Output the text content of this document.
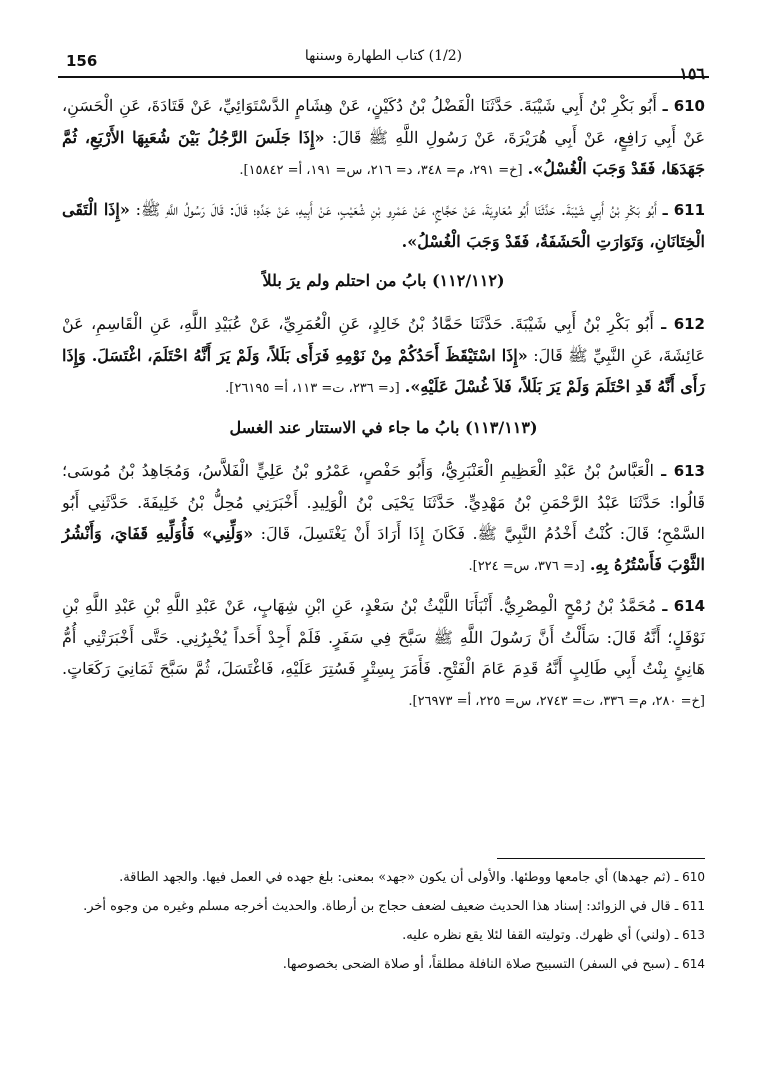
156	(1/2) كتاب الطهارة وسننها
١٥٦

610 ـ أَبُو بَكْرِ بْنُ أَبِي شَيْبَةَ. حَدَّثَنَا الْفَضْلُ بْنُ دُكَيْنٍ، عَنْ هِشَامٍ الدَّسْتَوَائِيِّ، عَنْ قَتَادَةَ، عَنِ الْحَسَنِ، عَنْ أَبِي رَافِعٍ، عَنْ أَبِي هُرَيْرَةَ، عَنْ رَسُولِ اللَّهِ ﷺ قَالَ: «إِذَا جَلَسَ الرَّجُلُ بَيْنَ شُعَبِهَا الأَرْبَعِ، ثُمَّ جَهَدَهَا، فَقَدْ وَجَبَ الْغُسْلُ». [خ= ٢٩١، م= ٣٤٨، د= ٢١٦، س= ١٩١، أ= ١٥٨٤٢].

611 ـ أَبُو بَكْرِ بْنُ أَبِي شَيْبَةَ. حَدَّثَنَا أَبُو مُعَاوِيَةَ، عَنْ حَجَّاجٍ، عَنْ عَمْرِو بْنِ شُعَيْبٍ، عَنْ أَبِيهِ، عَنْ جَدِّهِ؛ قَالَ: قَالَ رَسُولُ اللَّهِ ﷺ: «إِذَا الْتَقَى الْخِتَانَانِ، وَتَوَارَتِ الْحَشَفَةُ، فَقَدْ وَجَبَ الْغُسْلُ».

(١١٢/١١٢) بابُ من احتلم ولم يرَ بللاً

612 ـ أَبُو بَكْرِ بْنُ أَبِي شَيْبَةَ. حَدَّثَنَا حَمَّادُ بْنُ خَالِدٍ، عَنِ الْعُمَرِيِّ، عَنْ عُبَيْدِ اللَّهِ، عَنِ الْقَاسِمِ، عَنْ عَائِشَةَ، عَنِ النَّبِيِّ ﷺ قَالَ: «إِذَا اسْتَيْقَظَ أَحَدُكُمْ مِنْ نَوْمِهِ فَرَأَى بَلَلاً، وَلَمْ يَرَ أَنَّهُ احْتَلَمَ، اغْتَسَلَ. وَإِذَا رَأَى أَنَّهُ قَدِ احْتَلَمَ وَلَمْ يَرَ بَلَلاً، فَلاَ غُسْلَ عَلَيْهِ». [د= ٢٣٦، ت= ١١٣، أ= ٢٦١٩٥].

(١١٣/١١٣) بابُ ما جاء في الاستتار عند الغسل

613 ـ الْعَبَّاسُ بْنُ عَبْدِ الْعَظِيمِ الْعَنْبَرِيُّ، وَأَبُو حَفْصٍ، عَمْرُو بْنُ عَلِيٍّ الْفَلاَّسُ، وَمُجَاهِدُ بْنُ مُوسَى؛ قَالُوا: حَدَّثَنَا عَبْدُ الرَّحْمَنِ بْنُ مَهْدِيٍّ. حَدَّثَنَا يَحْيَى بْنُ الْوَلِيدِ. أَخْبَرَنِي مُحِلُّ بْنُ خَلِيفَةَ. حَدَّثَنِي أَبُو السَّمْحِ؛ قَالَ: كُنْتُ أَخْدُمُ النَّبِيَّ ﷺ. فَكَانَ إِذَا أَرَادَ أَنْ يَغْتَسِلَ، قَالَ: «وَلِّنِي» فَأُوَلِّيهِ قَفَايَ، وَأَنْشُرُ الثَّوْبَ فَأَسْتُرُهُ بِهِ. [د= ٣٧٦، س= ٢٢٤].

614 ـ مُحَمَّدُ بْنُ رُمْحٍ الْمِصْرِيُّ. أَنْبَأَنَا اللَّيْثُ بْنُ سَعْدٍ، عَنِ ابْنِ شِهَابٍ، عَنْ عَبْدِ اللَّهِ بْنِ عَبْدِ اللَّهِ بْنِ نَوْفَلٍ؛ أَنَّهُ قَالَ: سَأَلْتُ أَنَّ رَسُولَ اللَّهِ ﷺ سَبَّحَ فِي سَفَرٍ. فَلَمْ أَجِدْ أَحَداً يُخْبِرُنِي. حَتَّى أَخْبَرَتْنِي أُمُّ هَانِئٍ بِنْتُ أَبِي طَالِبٍ أَنَّهُ قَدِمَ عَامَ الْفَتْحِ. فَأَمَرَ بِسِتْرٍ فَسُتِرَ عَلَيْهِ، فَاغْتَسَلَ، ثُمَّ سَبَّحَ ثَمَانِيَ رَكَعَاتٍ. [خ= ٢٨٠، م= ٣٣٦، ت= ٢٧٤٣، س= ٢٢٥، أ= ٢٦٩٧٣].

610 ـ (ثم جهدها) أي جامعها ووطئها. والأولى أن يكون «جهد» بمعنى: بلغ جهده في العمل فيها. والجهد الطاقة.

611 ـ قال في الزوائد: إسناد هذا الحديث ضعيف لضعف حجاج بن أرطاة. والحديث أخرجه مسلم وغيره من وجوه أخر.

613 ـ (ولني) أي ظهرك. وتوليته القفا لئلا يقع نظره عليه.

614 ـ (سبح في السفر) التسبيح صلاة النافلة مطلقاً، أو صلاة الضحى بخصوصها.
